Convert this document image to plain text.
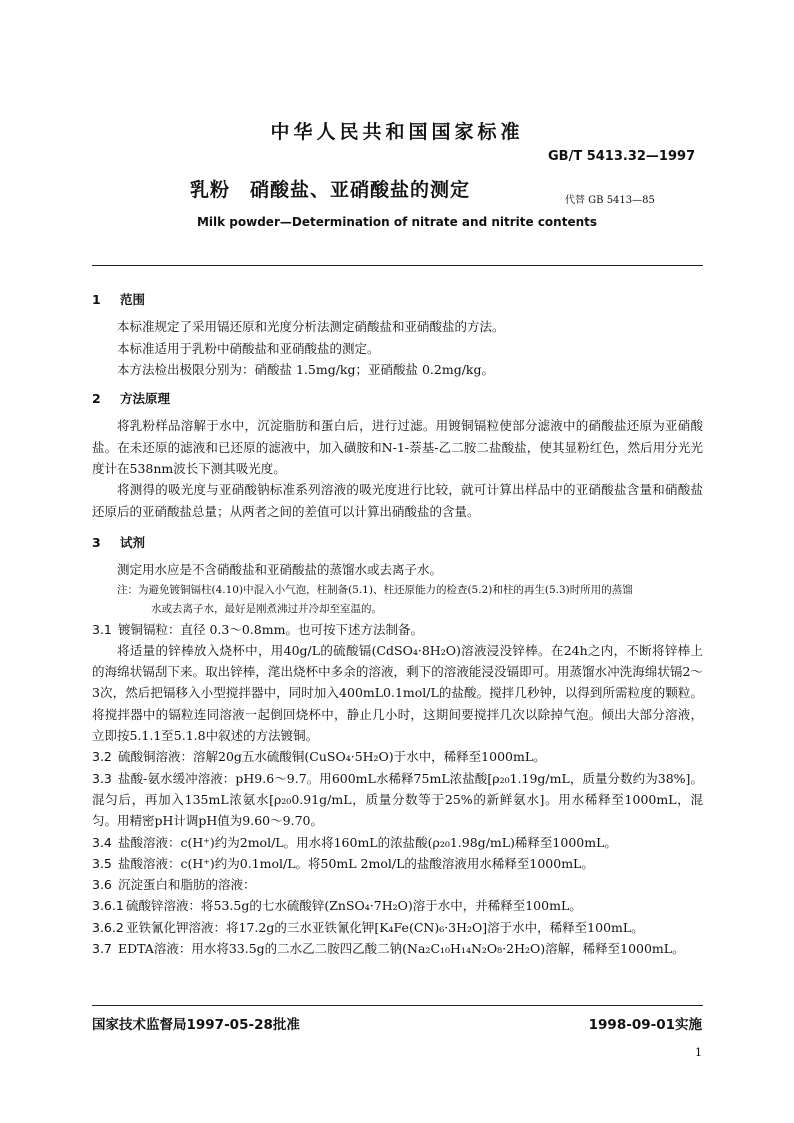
中华人民共和国国家标准
GB/T 5413.32—1997
乳粉 硝酸盐、亚硝酸盐的测定	代替 GB 5413—85
Milk powder—Determination of nitrate and nitrite contents

1 范围

本标准规定了采用镉还原和光度分析法测定硝酸盐和亚硝酸盐的方法。

本标准适用于乳粉中硝酸盐和亚硝酸盐的测定。

本方法检出极限分别为：硝酸盐 1.5mg/kg；亚硝酸盐 0.2mg/kg。

2 方法原理

将乳粉样品溶解于水中，沉淀脂肪和蛋白后，进行过滤。用镀铜镉粒使部分滤液中的硝酸盐还原为亚硝酸盐。在未还原的滤液和已还原的滤液中，加入磺胺和N-1-萘基-乙二胺二盐酸盐，使其显粉红色，然后用分光光度计在538nm波长下测其吸光度。

将测得的吸光度与亚硝酸钠标准系列溶液的吸光度进行比较，就可计算出样品中的亚硝酸盐含量和硝酸盐还原后的亚硝酸盐总量；从两者之间的差值可以计算出硝酸盐的含量。

3 试剂

测定用水应是不含硝酸盐和亚硝酸盐的蒸馏水或去离子水。

注：为避免镀铜镉柱(4.10)中混入小气泡，柱制备(5.1)、柱还原能力的检查(5.2)和柱的再生(5.3)时所用的蒸馏
水或去离子水，最好是刚煮沸过并冷却至室温的。

3.1 镀铜镉粒：直径 0.3～0.8mm。也可按下述方法制备。

将适量的锌棒放入烧杯中，用40g/L的硫酸镉(CdSO₄·8H₂O)溶液浸没锌棒。在24h之内，不断将锌棒上的海绵状镉刮下来。取出锌棒，滗出烧杯中多余的溶液，剩下的溶液能浸没镉即可。用蒸馏水冲洗海绵状镉2～3次，然后把镉移入小型搅拌器中，同时加入400mL0.1mol/L的盐酸。搅拌几秒钟，以得到所需粒度的颗粒。将搅拌器中的镉粒连同溶液一起倒回烧杯中，静止几小时，这期间要搅拌几次以除掉气泡。倾出大部分溶液，立即按5.1.1至5.1.8中叙述的方法镀铜。

3.2 硫酸铜溶液：溶解20g五水硫酸铜(CuSO₄·5H₂O)于水中，稀释至1000mL。

3.3 盐酸-氨水缓冲溶液：pH9.6～9.7。用600mL水稀释75mL浓盐酸[ρ₂₀1.19g/mL，质量分数约为38%]。混匀后，再加入135mL浓氨水[ρ₂₀0.91g/mL，质量分数等于25%的新鲜氨水]。用水稀释至1000mL，混匀。用精密pH计调pH值为9.60～9.70。

3.4 盐酸溶液：c(H⁺)约为2mol/L。用水将160mL的浓盐酸(ρ₂₀1.98g/mL)稀释至1000mL。

3.5 盐酸溶液：c(H⁺)约为0.1mol/L。将50mL 2mol/L的盐酸溶液用水稀释至1000mL。

3.6 沉淀蛋白和脂肪的溶液：

3.6.1 硫酸锌溶液：将53.5g的七水硫酸锌(ZnSO₄·7H₂O)溶于水中，并稀释至100mL。

3.6.2 亚铁氰化钾溶液：将17.2g的三水亚铁氰化钾[K₄Fe(CN)₆·3H₂O]溶于水中，稀释至100mL。

3.7 EDTA溶液：用水将33.5g的二水乙二胺四乙酸二钠(Na₂C₁₀H₁₄N₂O₈·2H₂O)溶解，稀释至1000mL。

国家技术监督局1997-05-28批准	1998-09-01实施
1
